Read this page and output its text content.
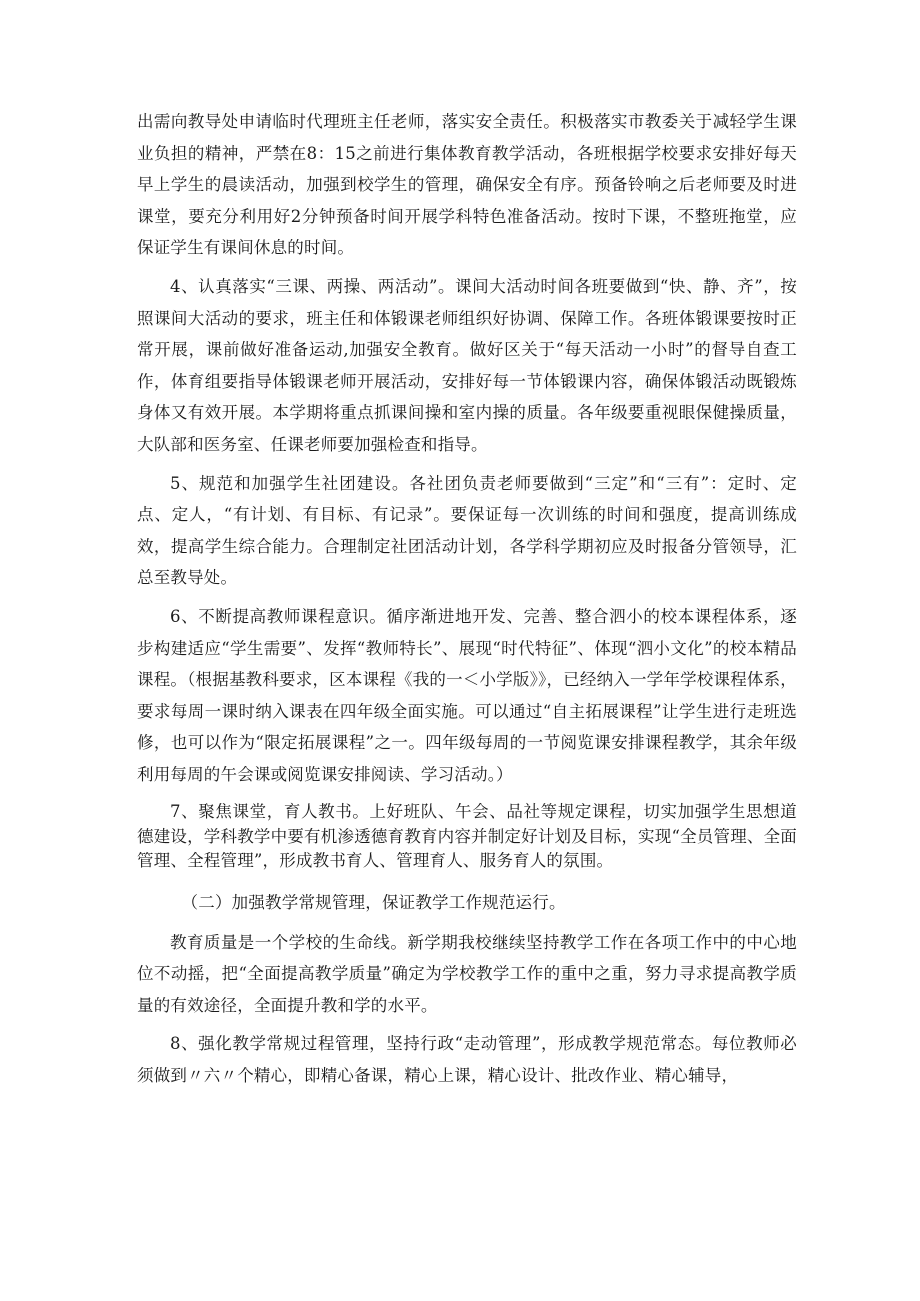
出需向教导处申请临时代理班主任老师，落实安全责任。积极落实市教委关于减轻学生课业负担的精神，严禁在8：15之前进行集体教育教学活动，各班根据学校要求安排好每天早上学生的晨读活动，加强到校学生的管理，确保安全有序。预备铃响之后老师要及时进课堂，要充分利用好2分钟预备时间开展学科特色准备活动。按时下课，不整班拖堂，应保证学生有课间休息的时间。

4、认真落实“三课、两操、两活动”。课间大活动时间各班要做到“快、静、齐”，按照课间大活动的要求，班主任和体锻课老师组织好协调、保障工作。各班体锻课要按时正常开展，课前做好准备运动,加强安全教育。做好区关于“每天活动一小时”的督导自查工作，体育组要指导体锻课老师开展活动，安排好每一节体锻课内容，确保体锻活动既锻炼身体又有效开展。本学期将重点抓课间操和室内操的质量。各年级要重视眼保健操质量，大队部和医务室、任课老师要加强检查和指导。

5、规范和加强学生社团建设。各社团负责老师要做到“三定”和“三有”：定时、定点、定人，“有计划、有目标、有记录”。要保证每一次训练的时间和强度，提高训练成效，提高学生综合能力。合理制定社团活动计划，各学科学期初应及时报备分管领导，汇总至教导处。

6、不断提高教师课程意识。循序渐进地开发、完善、整合泗小的校本课程体系，逐步构建适应“学生需要”、发挥“教师特长”、展现“时代特征”、体现“泗小文化”的校本精品课程。（根据基教科要求，区本课程《我的一＜小学版》》，已经纳入一学年学校课程体系，要求每周一课时纳入课表在四年级全面实施。可以通过“自主拓展课程”让学生进行走班选修，也可以作为“限定拓展课程”之一。四年级每周的一节阅览课安排课程教学，其余年级利用每周的午会课或阅览课安排阅读、学习活动。）

7、聚焦课堂，育人教书。上好班队、午会、品社等规定课程，切实加强学生思想道德建设，学科教学中要有机渗透德育教育内容并制定好计划及目标，实现“全员管理、全面管理、全程管理”，形成教书育人、管理育人、服务育人的氛围。

（二）加强教学常规管理，保证教学工作规范运行。

教育质量是一个学校的生命线。新学期我校继续坚持教学工作在各项工作中的中心地位不动摇，把“全面提高教学质量”确定为学校教学工作的重中之重，努力寻求提高教学质量的有效途径，全面提升教和学的水平。

8、强化教学常规过程管理，坚持行政“走动管理”，形成教学规范常态。每位教师必须做到〃六〃个精心，即精心备课，精心上课，精心设计、批改作业、精心辅导，
